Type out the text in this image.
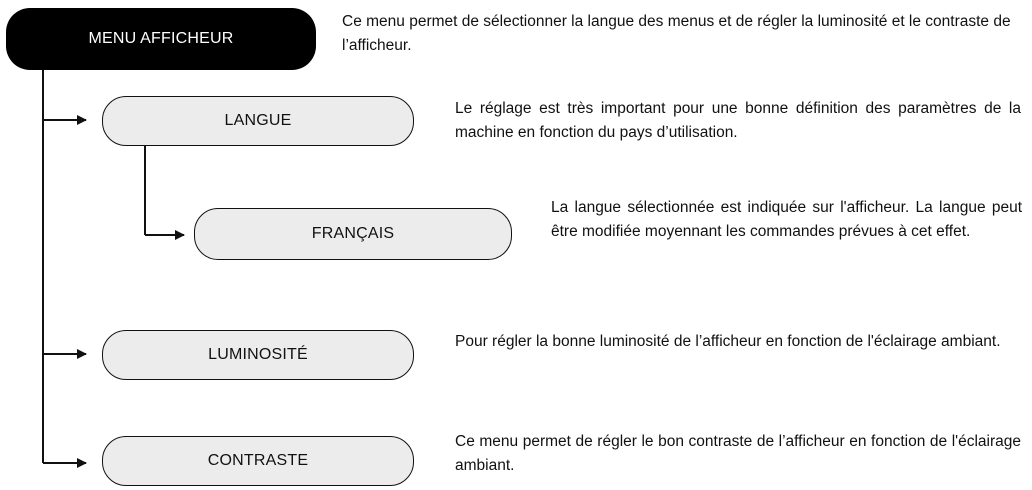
MENU AFFICHEUR
Ce menu permet de sélectionner la langue des menus et de régler la luminosité et le contraste de l’afficheur.
LANGUE
Le réglage est très important pour une bonne définition des paramètres de la machine en fonction du pays d’utilisation.
FRANÇAIS
La langue sélectionnée est indiquée sur l'afficheur. La langue peut être modifiée moyennant les commandes prévues à cet effet.
LUMINOSITÉ
Pour régler la bonne luminosité de l’afficheur en fonction de l'éclairage ambiant.
CONTRASTE
Ce menu permet de régler le bon contraste de l’afficheur en fonction de l'éclairage ambiant.
